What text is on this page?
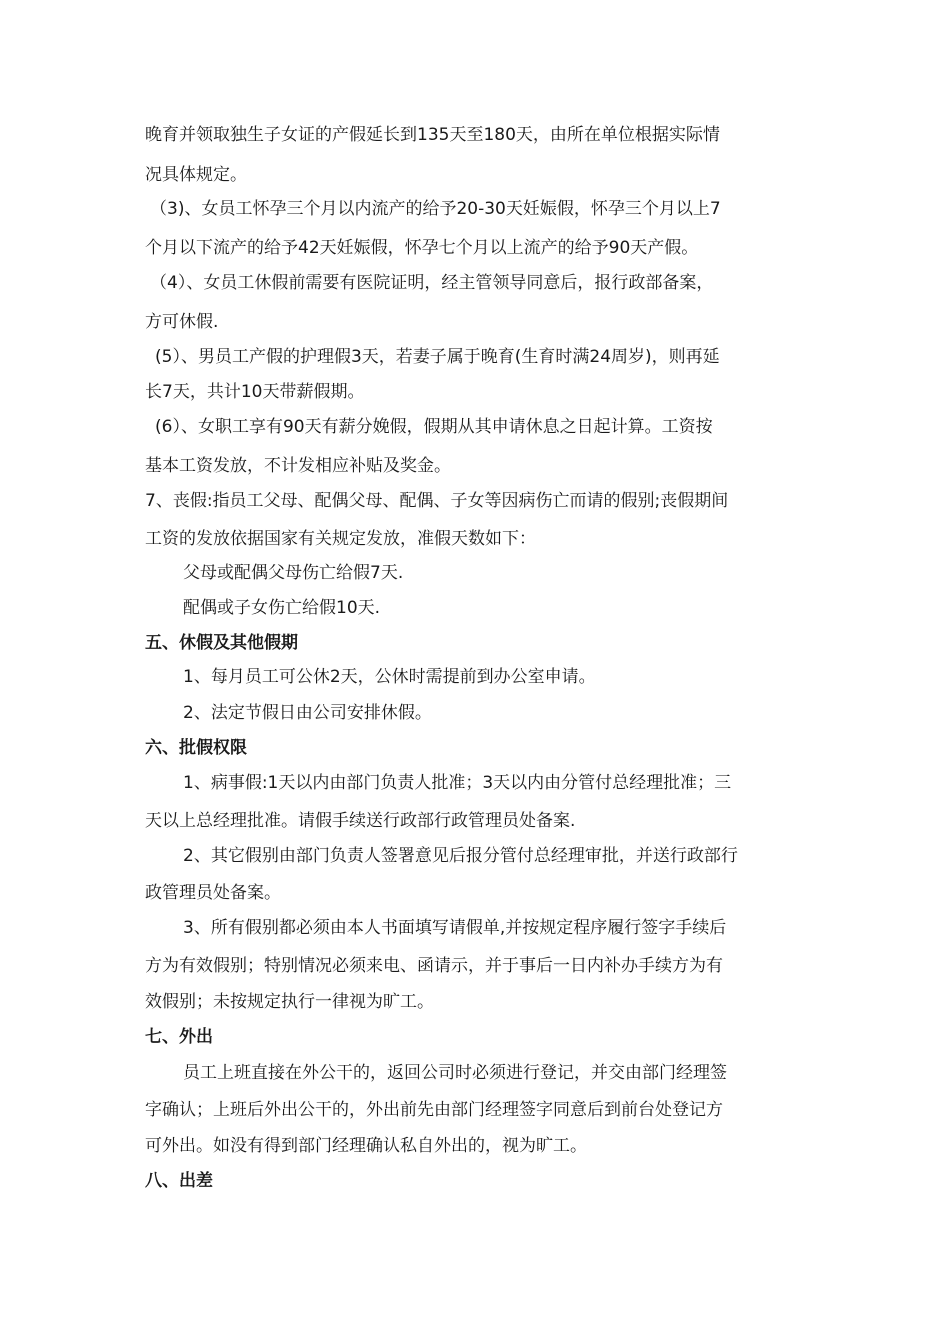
晚育并领取独生子女证的产假延长到135天至180天，由所在单位根据实际情
况具体规定。
（3)、女员工怀孕三个月以内流产的给予20-30天妊娠假，怀孕三个月以上7
个月以下流产的给予42天妊娠假，怀孕七个月以上流产的给予90天产假。
（4）、女员工休假前需要有医院证明，经主管领导同意后，报行政部备案，
方可休假.
(5）、男员工产假的护理假3天，若妻子属于晚育(生育时满24周岁)，则再延
长7天，共计10天带薪假期。
(6）、女职工享有90天有薪分娩假，假期从其申请休息之日起计算。工资按
基本工资发放，不计发相应补贴及奖金。
7、丧假:指员工父母、配偶父母、配偶、子女等因病伤亡而请的假别;丧假期间
工资的发放依据国家有关规定发放，准假天数如下：
父母或配偶父母伤亡给假7天.
配偶或子女伤亡给假10天.
五、休假及其他假期
1、每月员工可公休2天，公休时需提前到办公室申请。
2、法定节假日由公司安排休假。
六、批假权限
1、病事假:1天以内由部门负责人批准；3天以内由分管付总经理批准；三
天以上总经理批准。请假手续送行政部行政管理员处备案.
2、其它假别由部门负责人签署意见后报分管付总经理审批，并送行政部行
政管理员处备案。
3、所有假别都必须由本人书面填写请假单,并按规定程序履行签字手续后
方为有效假别；特别情况必须来电、函请示，并于事后一日内补办手续方为有
效假别；未按规定执行一律视为旷工。
七、外出
员工上班直接在外公干的，返回公司时必须进行登记，并交由部门经理签
字确认；上班后外出公干的，外出前先由部门经理签字同意后到前台处登记方
可外出。如没有得到部门经理确认私自外出的，视为旷工。
八、出差
